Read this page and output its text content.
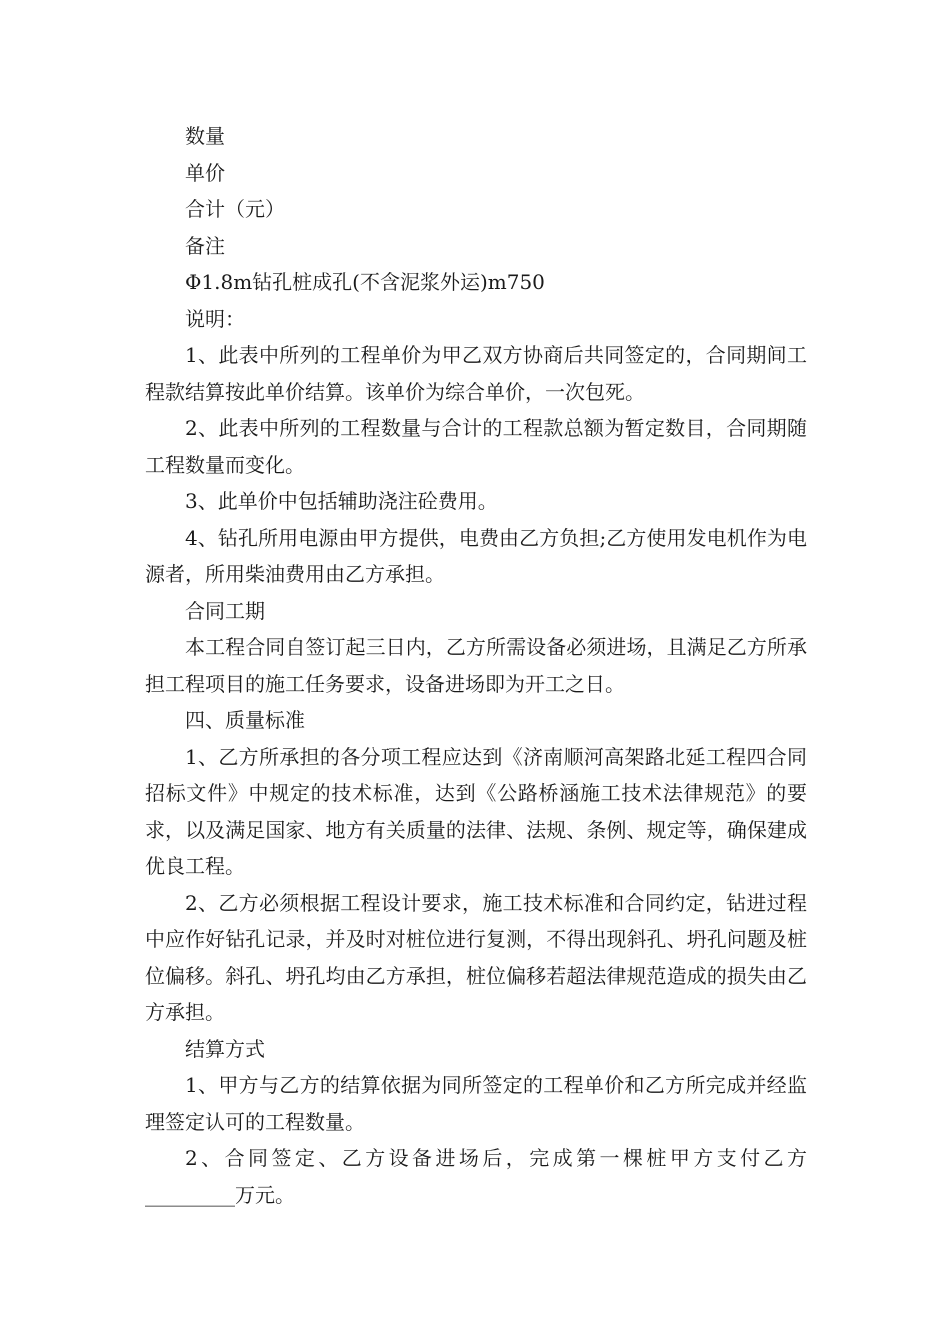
数量

单价

合计（元）

备注

Φ1.8m钻孔桩成孔(不含泥浆外运)m750

说明：

1、此表中所列的工程单价为甲乙双方协商后共同签定的，合同期间工程款结算按此单价结算。该单价为综合单价，一次包死。

2、此表中所列的工程数量与合计的工程款总额为暂定数目，合同期随工程数量而变化。

3、此单价中包括辅助浇注砼费用。

4、钻孔所用电源由甲方提供，电费由乙方负担;乙方使用发电机作为电源者，所用柴油费用由乙方承担。

合同工期

本工程合同自签订起三日内，乙方所需设备必须进场，且满足乙方所承担工程项目的施工任务要求，设备进场即为开工之日。

四、质量标准

1、乙方所承担的各分项工程应达到《济南顺河高架路北延工程四合同招标文件》中规定的技术标准，达到《公路桥涵施工技术法律规范》的要求，以及满足国家、地方有关质量的法律、法规、条例、规定等，确保建成优良工程。

2、乙方必须根据工程设计要求，施工技术标准和合同约定，钻进过程中应作好钻孔记录，并及时对桩位进行复测，不得出现斜孔、坍孔问题及桩位偏移。斜孔、坍孔均由乙方承担，桩位偏移若超法律规范造成的损失由乙方承担。

结算方式

1、甲方与乙方的结算依据为同所签定的工程单价和乙方所完成并经监理签定认可的工程数量。

2、合同签定、乙方设备进场后，完成第一棵桩甲方支付乙方_________万元。
